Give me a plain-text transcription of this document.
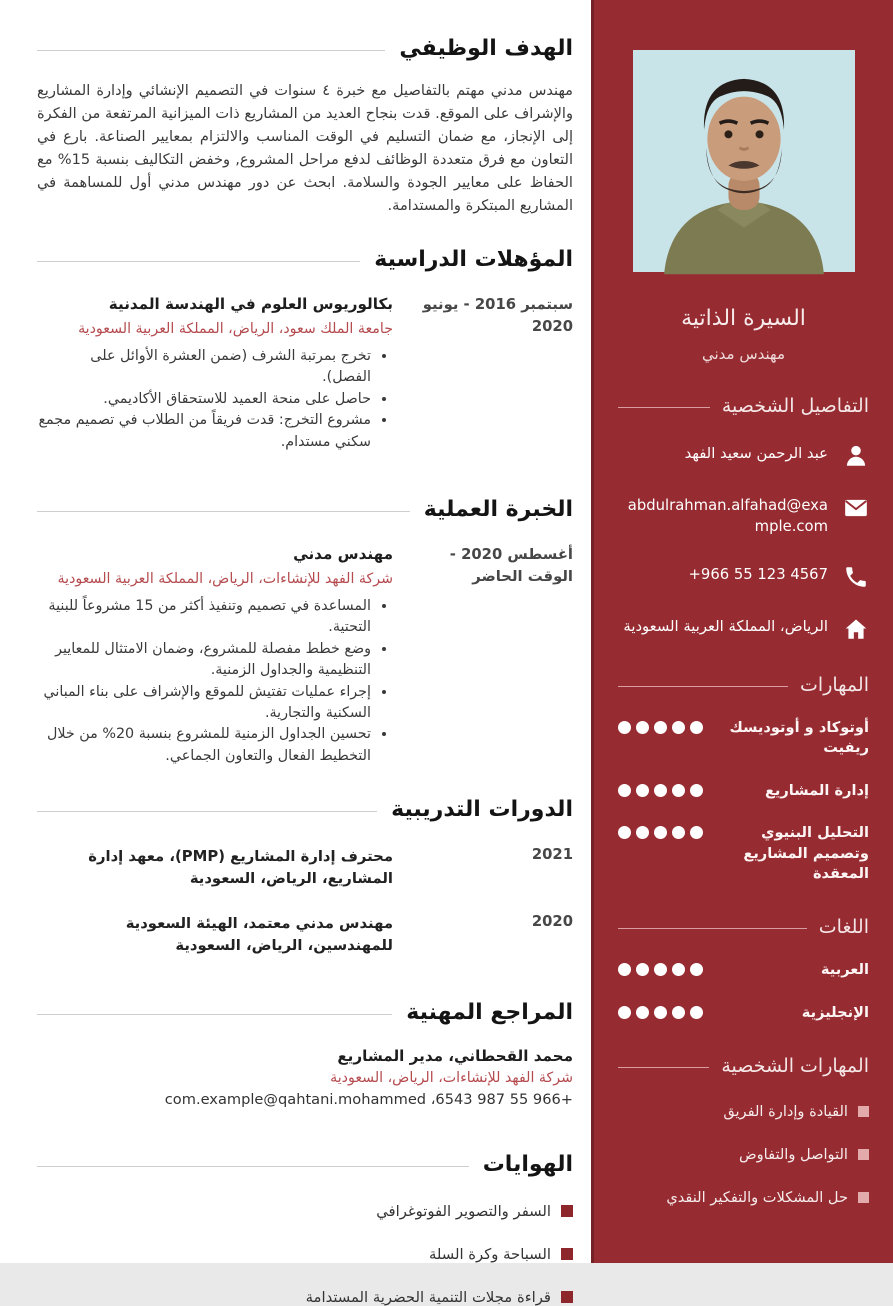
الهدف الوظيفي

مهندس مدني مهتم بالتفاصيل مع خبرة ٤ سنوات في التصميم الإنشائي وإدارة المشاريع والإشراف على الموقع. قدت بنجاح العديد من المشاريع ذات الميزانية المرتفعة من الفكرة إلى الإنجاز، مع ضمان التسليم في الوقت المناسب والالتزام بمعايير الصناعة. بارع في التعاون مع فرق متعددة الوظائف لدفع مراحل المشروع, وخفض التكاليف بنسبة 15% مع الحفاظ على معايير الجودة والسلامة. ابحث عن دور مهندس مدني أول للمساهمة في المشاريع المبتكرة والمستدامة.

المؤهلات الدراسية
سبتمبر 2016 - يونيو 2020
بكالوريوس العلوم في الهندسة المدنية
جامعة الملك سعود، الرياض، المملكة العربية السعودية
• تخرج بمرتبة الشرف (ضمن العشرة الأوائل على الفصل).
• حاصل على منحة العميد للاستحقاق الأكاديمي.
• مشروع التخرج: قدت فريقاً من الطلاب في تصميم مجمع سكني مستدام.
الخبرة العملية
أغسطس 2020 - الوقت الحاضر
مهندس مدني
شركة الفهد للإنشاءات، الرياض، المملكة العربية السعودية
• المساعدة في تصميم وتنفيذ أكثر من 15 مشروعاً للبنية التحتية.
• وضع خطط مفصلة للمشروع، وضمان الامتثال للمعايير التنظيمية والجداول الزمنية.
• إجراء عمليات تفتيش للموقع والإشراف على بناء المباني السكنية والتجارية.
• تحسين الجداول الزمنية للمشروع بنسبة 20% من خلال التخطيط الفعال والتعاون الجماعي.
الدورات التدريبية
2021
محترف إدارة المشاريع (PMP)، معهد إدارة المشاريع، الرياض، السعودية
2020
مهندس مدني معتمد، الهيئة السعودية للمهندسين، الرياض، السعودية
المراجع المهنية
محمد القحطاني، مدير المشاريع
شركة الفهد للإنشاءات، الرياض، السعودية
com.example@qahtani.mohammed ،6543 987 55 966+
الهوايات
السفر والتصوير الفوتوغرافي
السباحة وكرة السلة
قراءة مجلات التنمية الحضرية المستدامة
السيرة الذاتية
مهندس مدني
التفاصيل الشخصية
عبد الرحمن سعيد الفهد
abdulrahman.alfahad@example.com
+966 55 123 4567
الرياض، المملكة العربية السعودية
المهارات
أوتوكاد و أوتوديسك ريفيت
إدارة المشاريع
التحليل البنيوي وتصميم المشاريع المعقدة
اللغات
العربية
الإنجليزية
المهارات الشخصية
القيادة وإدارة الفريق
التواصل والتفاوض
حل المشكلات والتفكير النقدي
